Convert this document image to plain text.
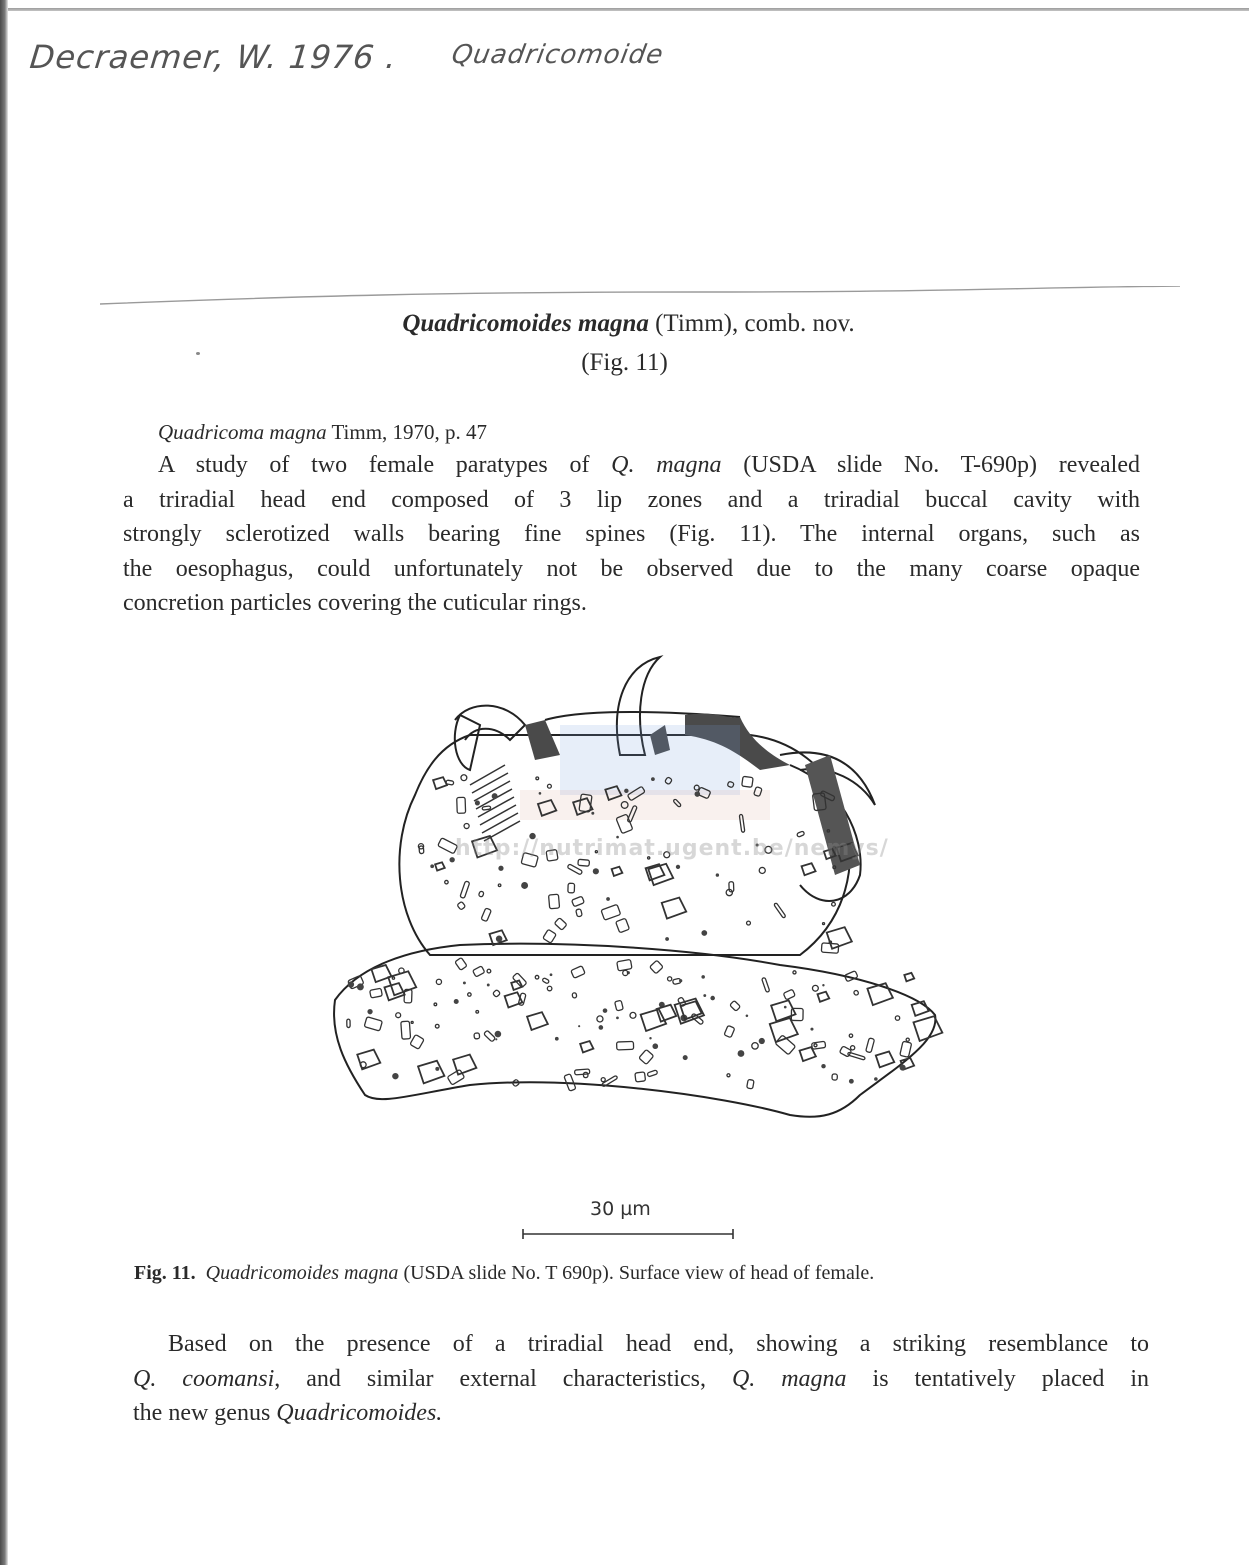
Decraemer, W. 1976 . Quadricomoide
Quadricomoides magna (Timm), comb. nov.
(Fig. 11)
Quadricoma magna Timm, 1970, p. 47
A study of two female paratypes of Q. magna (USDA slide No. T-690p) revealed
a triradial head end composed of 3 lip zones and a triradial buccal cavity with
strongly sclerotized walls bearing fine spines (Fig. 11). The internal organs, such as
the oesophagus, could unfortunately not be observed due to the many coarse opaque
concretion particles covering the cuticular rings.
http://nutrimat.ugent.be/nemys/
30 µm
Fig. 11. Quadricomoides magna (USDA slide No. T 690p). Surface view of head of female.
Based on the presence of a triradial head end, showing a striking resemblance to
Q. coomansi, and similar external characteristics, Q. magna is tentatively placed in
the new genus Quadricomoides.
